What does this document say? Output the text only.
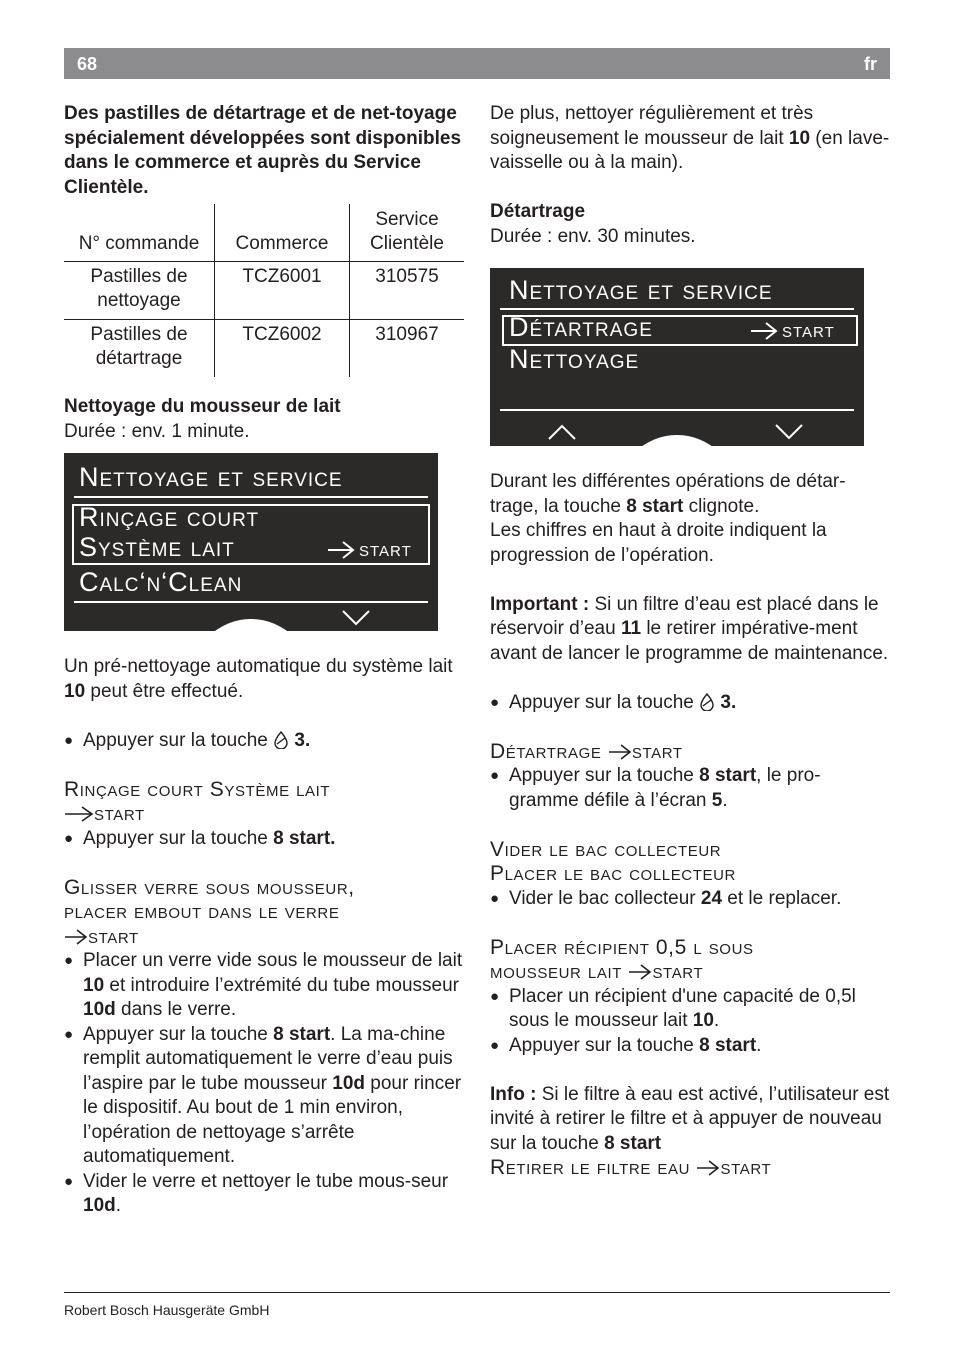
68	fr

Des pastilles de détartrage et de net-toyage spécialement développées sont disponibles dans le commerce et auprès du Service Clientèle.

N° commande	Commerce	Service Clientèle
Pastilles de nettoyage	TCZ6001	310575
Pastilles de détartrage	TCZ6002	310967

Nettoyage du mousseur de lait

Durée : env. 1 minute.

Nettoyage et service
Rinçage court
Système lait	start
Calc‘n‘Clean

Un pré-nettoyage automatique du système lait 10 peut être effectué.

● Appuyer sur la touche  3.

Rinçage court Système lait

start

● Appuyer sur la touche 8 start.

Glisser verre sous mousseur,

placer embout dans le verre

start

● Placer un verre vide sous le mousseur de lait 10 et introduire l’extrémité du tube mousseur 10d dans le verre.

● Appuyer sur la touche 8 start. La ma-chine remplit automatiquement le verre d’eau puis l’aspire par le tube mousseur 10d pour rincer le dispositif. Au bout de 1 min environ, l’opération de nettoyage s’arrête automatiquement.

● Vider le verre et nettoyer le tube mous-seur 10d.

De plus, nettoyer régulièrement et très soigneusement le mousseur de lait 10 (en lave-vaisselle ou à la main).

Détartrage

Durée : env. 30 minutes.

Nettoyage et service
Détartrage	start
Nettoyage

Durant les différentes opérations de détar-trage, la touche 8 start clignote.

Les chiffres en haut à droite indiquent la progression de l’opération.

Important : Si un filtre d’eau est placé dans le réservoir d’eau 11 le retirer impérative-ment avant de lancer le programme de maintenance.

● Appuyer sur la touche  3.

Détartrage start

● Appuyer sur la touche 8 start, le pro-gramme défile à l’écran 5.

Vider le bac collecteur

Placer le bac collecteur

● Vider le bac collecteur 24 et le replacer.

Placer récipient 0,5 l sous

mousseur lait start

● Placer un récipient d'une capacité de 0,5l sous le mousseur lait 10.

● Appuyer sur la touche 8 start.

Info : Si le filtre à eau est activé, l’utilisateur est invité à retirer le filtre et à appuyer de nouveau sur la touche 8 start

Retirer le filtre eau start

Robert Bosch Hausgeräte GmbH
